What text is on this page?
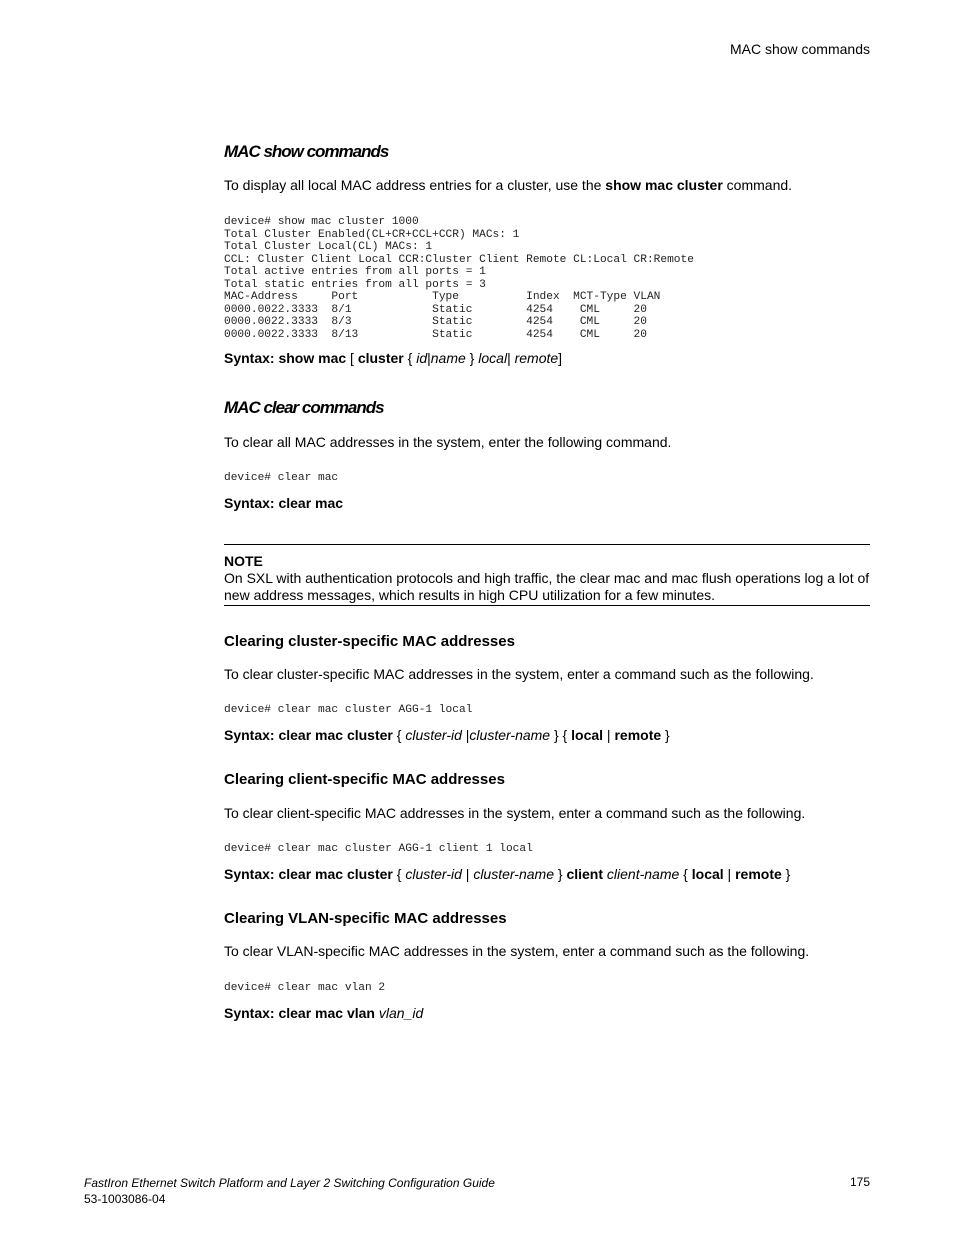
MAC show commands
MAC show commands
To display all local MAC address entries for a cluster, use the show mac cluster command.
device# show mac cluster 1000
Total Cluster Enabled(CL+CR+CCL+CCR) MACs: 1
Total Cluster Local(CL) MACs: 1
CCL: Cluster Client Local CCR:Cluster Client Remote CL:Local CR:Remote
Total active entries from all ports = 1
Total static entries from all ports = 3
MAC-Address     Port           Type          Index  MCT-Type VLAN
0000.0022.3333  8/1            Static        4254    CML     20
0000.0022.3333  8/3            Static        4254    CML     20
0000.0022.3333  8/13           Static        4254    CML     20
Syntax: show mac [ cluster { id|name } local| remote]
MAC clear commands
To clear all MAC addresses in the system, enter the following command.
device# clear mac
Syntax: clear mac
NOTE
On SXL with authentication protocols and high traffic, the clear mac and mac flush operations log a lot of new address messages, which results in high CPU utilization for a few minutes.
Clearing cluster-specific MAC addresses
To clear cluster-specific MAC addresses in the system, enter a command such as the following.
device# clear mac cluster AGG-1 local
Syntax: clear mac cluster { cluster-id |cluster-name } { local | remote }
Clearing client-specific MAC addresses
To clear client-specific MAC addresses in the system, enter a command such as the following.
device# clear mac cluster AGG-1 client 1 local
Syntax: clear mac cluster { cluster-id | cluster-name } client client-name { local | remote }
Clearing VLAN-specific MAC addresses
To clear VLAN-specific MAC addresses in the system, enter a command such as the following.
device# clear mac vlan 2
Syntax: clear mac vlan vlan_id
FastIron Ethernet Switch Platform and Layer 2 Switching Configuration Guide
53-1003086-04
175
